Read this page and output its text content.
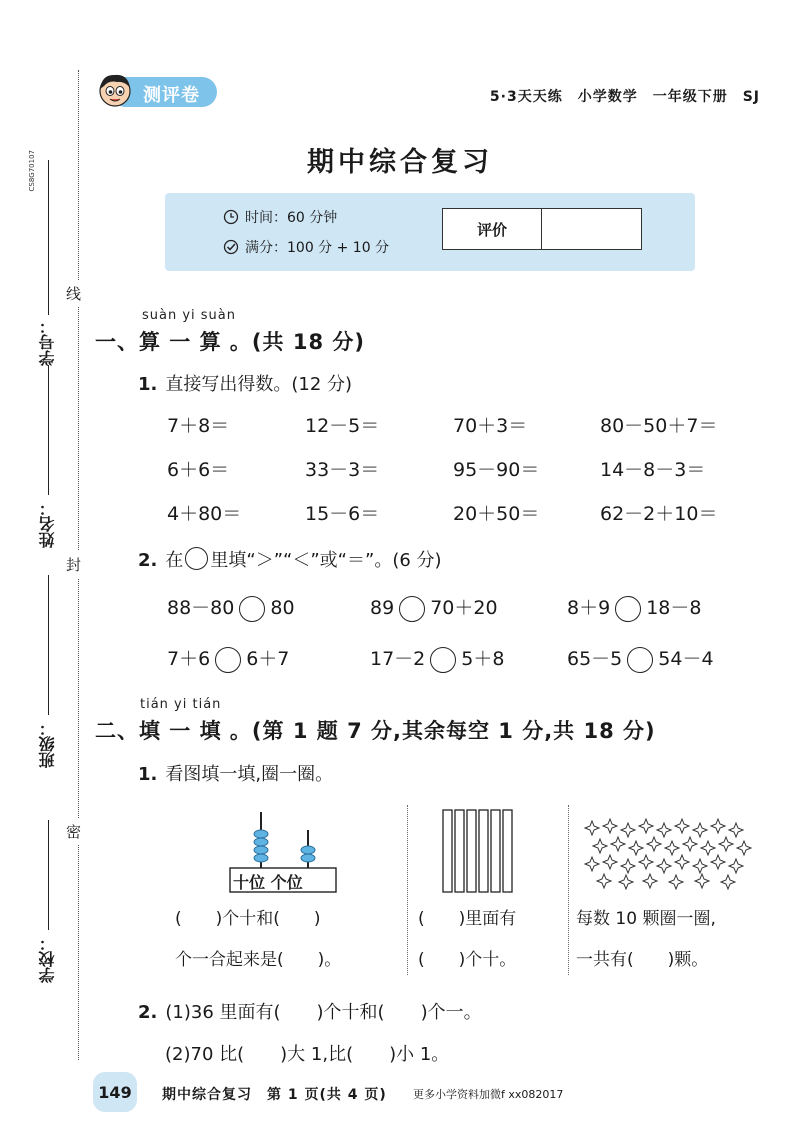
CS8G70107
线
封
密
学号：
姓名：
班级：
学校：
测评卷	5·3天天练　小学数学　一年级下册　SJ
期中综合复习
时间：60 分钟
满分：100 分 + 10 分
评价
suàn yi suàn
一、算 一 算 。(共 18 分)
1. 直接写出得数。(12 分)
7＋8＝	12－5＝	70＋3＝	80－50＋7＝
6＋6＝	33－3＝	95－90＝	14－8－3＝
4＋80＝	15－6＝	20＋50＝	62－2＋10＝
2. 在 里填“＞”“＜”或“＝”。(6 分)
88－80 80	89 70＋20	8＋9 18－8
7＋6 6＋7	17－2 5＋8	65－5 54－4
tián yi tián
二、填 一 填 。(第 1 题 7 分,其余每空 1 分,共 18 分)
1. 看图填一填,圈一圈。
十位 个位
(　　)个十和(　　)
个一合起来是(　　)。
(　　)里面有
(　　)个十。
每数 10 颗圈一圈,
一共有(　　)颗。
2. (1)36 里面有(　　)个十和(　　)个一。
(2)70 比(　　)大 1,比(　　)小 1。
149	期中综合复习　第 1 页(共 4 页) 更多小学资料加微f xx082017
